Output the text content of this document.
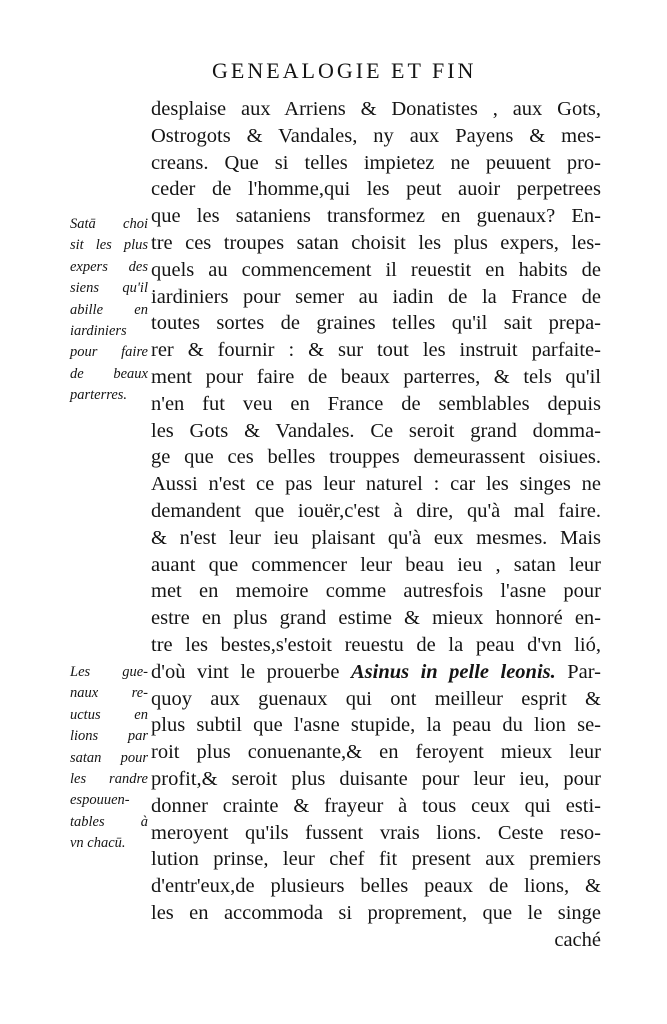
GENEALOGIE ET FIN
Satā choi
sit les plus
expers des
siens qu'il
abille en
iardiniers
pour faire
de beaux
parterres.
Les gue-
naux re-
uctus en
lions par
satan pour
les randre
espouuen-
tables à
vn chacū.
desplaise aux Arriens & Donatistes , aux Gots,
Ostrogots & Vandales, ny aux Payens & mes-
creans. Que si telles impietez ne peuuent pro-
ceder de l'homme,qui les peut auoir perpetrees
que les sataniens transformez en guenaux? En-
tre ces troupes satan choisit les plus expers, les-
quels au commencement il reuestit en habits de
iardiniers pour semer au iadin de la France de
toutes sortes de graines telles qu'il sait prepa-
rer & fournir : & sur tout les instruit parfaite-
ment pour faire de beaux parterres, & tels qu'il
n'en fut veu en France de semblables depuis
les Gots & Vandales. Ce seroit grand domma-
ge que ces belles trouppes demeurassent oisiues.
Aussi n'est ce pas leur naturel : car les singes ne
demandent que iouër,c'est à dire, qu'à mal faire.
& n'est leur ieu plaisant qu'à eux mesmes. Mais
auant que commencer leur beau ieu , satan leur
met en memoire comme autresfois l'asne pour
estre en plus grand estime & mieux honnoré en-
tre les bestes,s'estoit reuestu de la peau d'vn lió,
d'où vint le prouerbe Asinus in pelle leonis. Par-
quoy aux guenaux qui ont meilleur esprit &
plus subtil que l'asne stupide, la peau du lion se-
roit plus conuenante,& en feroyent mieux leur
profit,& seroit plus duisante pour leur ieu, pour
donner crainte & frayeur à tous ceux qui esti-
meroyent qu'ils fussent vrais lions. Ceste reso-
lution prinse, leur chef fit present aux premiers
d'entr'eux,de plusieurs belles peaux de lions, &
les en accommoda si proprement, que le singe
caché
